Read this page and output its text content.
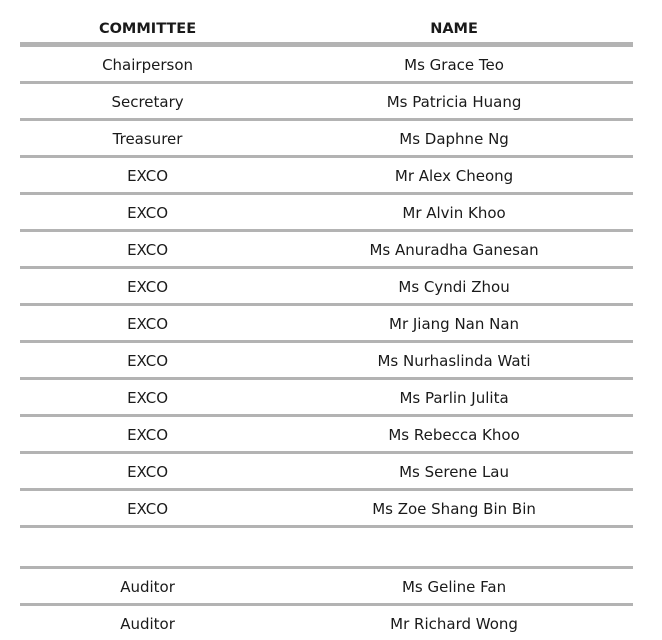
COMMITTEE	NAME
Chairperson	Ms Grace Teo
Secretary	Ms Patricia Huang
Treasurer	Ms Daphne Ng
EXCO	Mr Alex Cheong
EXCO	Mr Alvin Khoo
EXCO	Ms Anuradha Ganesan
EXCO	Ms Cyndi Zhou
EXCO	Mr Jiang Nan Nan
EXCO	Ms Nurhaslinda Wati
EXCO	Ms Parlin Julita
EXCO	Ms Rebecca Khoo
EXCO	Ms Serene Lau
EXCO	Ms Zoe Shang Bin Bin
Auditor	Ms Geline Fan
Auditor	Mr Richard Wong
